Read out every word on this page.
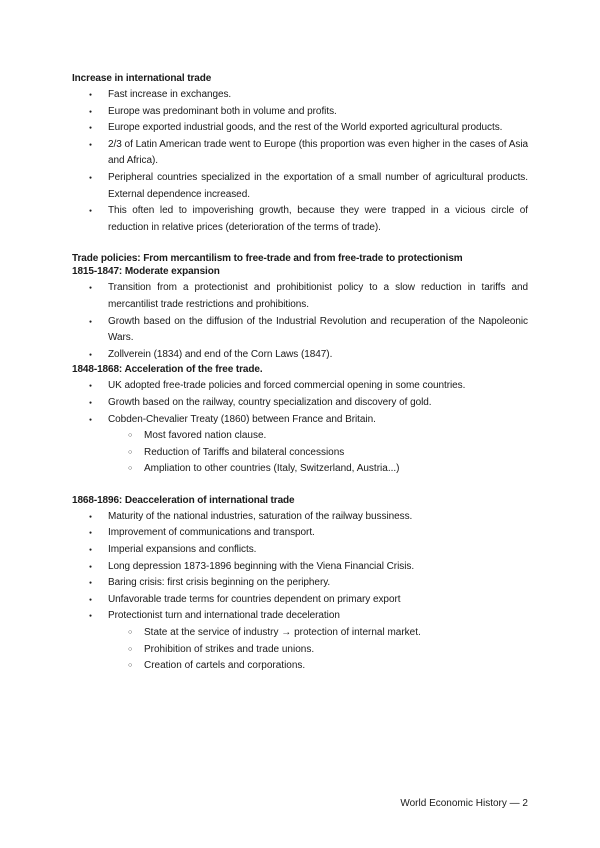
Increase in international trade

● Fast increase in exchanges.
● Europe was predominant both in volume and profits.
● Europe exported industrial goods, and the rest of the World exported agricultural products.
● 2/3 of Latin American trade went to Europe (this proportion was even higher in the cases of Asia and Africa).
● Peripheral countries specialized in the exportation of a small number of agricultural products. External dependence increased.
● This often led to impoverishing growth, because they were trapped in a vicious circle of reduction in relative prices (deterioration of the terms of trade).

Trade policies: From mercantilism to free-trade and from free-trade to protectionism

1815-1847: Moderate expansion

● Transition from a protectionist and prohibitionist policy to a slow reduction in tariffs and mercantilist trade restrictions and prohibitions.
● Growth based on the diffusion of the Industrial Revolution and recuperation of the Napoleonic Wars.
● Zollverein (1834) and end of the Corn Laws (1847).

1848-1868: Acceleration of the free trade.

● UK adopted free-trade policies and forced commercial opening in some countries.
● Growth based on the railway, country specialization and discovery of gold.
● Cobden-Chevalier Treaty (1860) between France and Britain.
○ Most favored nation clause.
○ Reduction of Tariffs and bilateral concessions
○ Ampliation to other countries (Italy, Switzerland, Austria...)

1868-1896: Deacceleration of international trade

● Maturity of the national industries, saturation of the railway bussiness.
● Improvement of communications and transport.
● Imperial expansions and conflicts.
● Long depression 1873-1896 beginning with the Viena Financial Crisis.
● Baring crisis: first crisis beginning on the periphery.
● Unfavorable trade terms for countries dependent on primary export
● Protectionist turn and international trade deceleration
○ State at the service of industry → protection of internal market.
○ Prohibition of strikes and trade unions.
○ Creation of cartels and corporations.
World Economic History — 2
